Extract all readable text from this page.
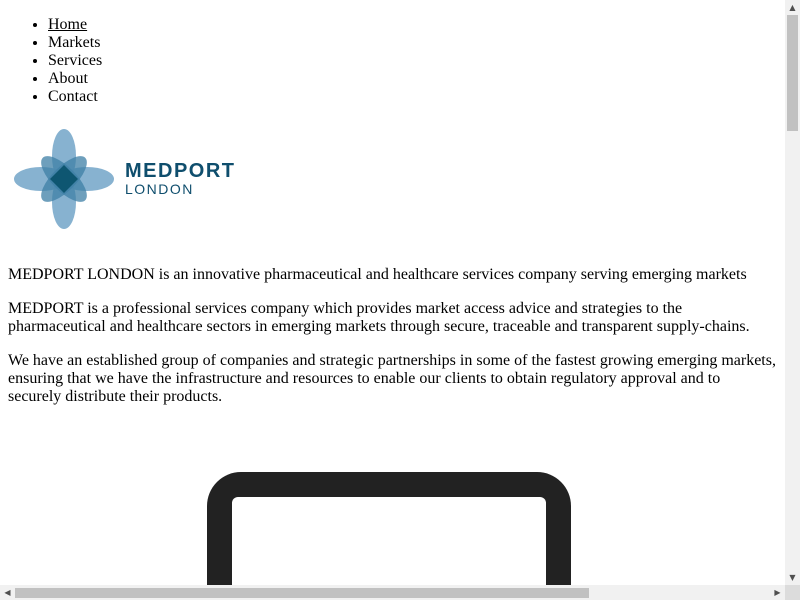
• Home
• Markets
• Services
• About
• Contact
MEDPORT
LONDON

MEDPORT LONDON is an innovative pharmaceutical and healthcare services company serving emerging markets

MEDPORT is a professional services company which provides market access advice and strategies to the pharmaceutical and healthcare sectors in emerging markets through secure, traceable and transparent supply-chains.

We have an established group of companies and strategic partnerships in some of the fastest growing emerging markets, ensuring that we have the infrastructure and resources to enable our clients to obtain regulatory approval and to securely distribute their products.

▲
▼
◀	▶
